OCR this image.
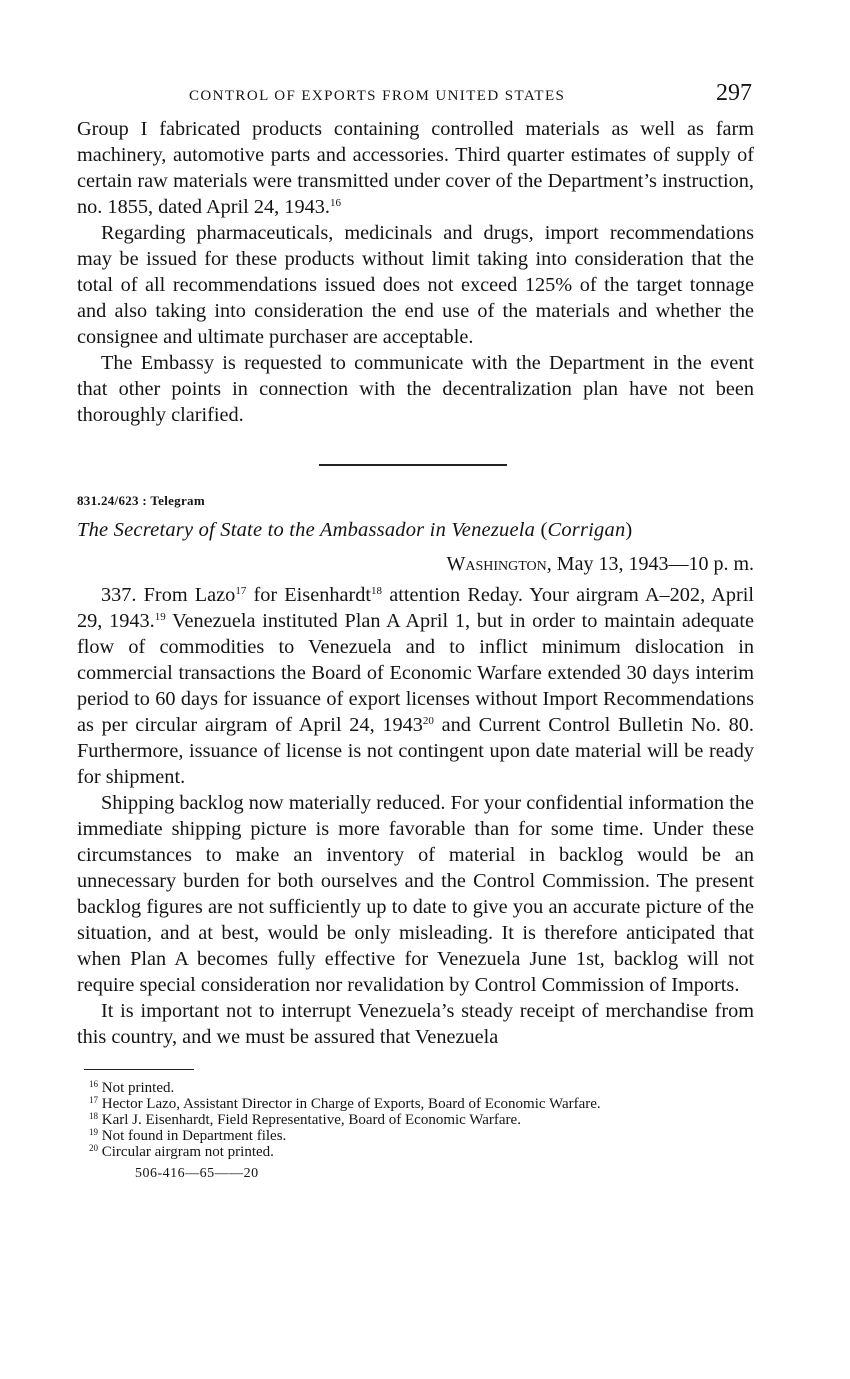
CONTROL OF EXPORTS FROM UNITED STATES	297

Group I fabricated products containing controlled materials as well as farm machinery, automotive parts and accessories. Third quarter estimates of supply of certain raw materials were transmitted under cover of the Department’s instruction, no. 1855, dated April 24, 1943.16

Regarding pharmaceuticals, medicinals and drugs, import recommendations may be issued for these products without limit taking into consideration that the total of all recommendations issued does not exceed 125% of the target tonnage and also taking into consideration the end use of the materials and whether the consignee and ultimate purchaser are acceptable.

The Embassy is requested to communicate with the Department in the event that other points in connection with the decentralization plan have not been thoroughly clarified.

831.24/623 : Telegram
The Secretary of State to the Ambassador in Venezuela (Corrigan)
Washington, May 13, 1943—10 p. m.

337. From Lazo$^{17}$ for Eisenhardt$^{18}$ attention Reday. Your airgram A–202, April 29, 1943.19 Venezuela instituted Plan A April 1, but in order to maintain adequate flow of commodities to Venezuela and to inflict minimum dislocation in commercial transactions the Board of Economic Warfare extended 30 days interim period to 60 days for issuance of export licenses without Import Recommendations as per circular airgram of April 24, 1943$^{20}$ and Current Control Bulletin No. 80. Furthermore, issuance of license is not contingent upon date material will be ready for shipment.

Shipping backlog now materially reduced. For your confidential information the immediate shipping picture is more favorable than for some time. Under these circumstances to make an inventory of material in backlog would be an unnecessary burden for both ourselves and the Control Commission. The present backlog figures are not sufficiently up to date to give you an accurate picture of the situation, and at best, would be only misleading. It is therefore anticipated that when Plan A becomes fully effective for Venezuela June 1st, backlog will not require special consideration nor revalidation by Control Commission of Imports.

It is important not to interrupt Venezuela’s steady receipt of merchandise from this country, and we must be assured that Venezuela

$^{16}$ Not printed.

$^{17}$ Hector Lazo, Assistant Director in Charge of Exports, Board of Economic Warfare.

$^{18}$ Karl J. Eisenhardt, Field Representative, Board of Economic Warfare.

$^{19}$ Not found in Department files.

$^{20}$ Circular airgram not printed.

506-416—65——20
